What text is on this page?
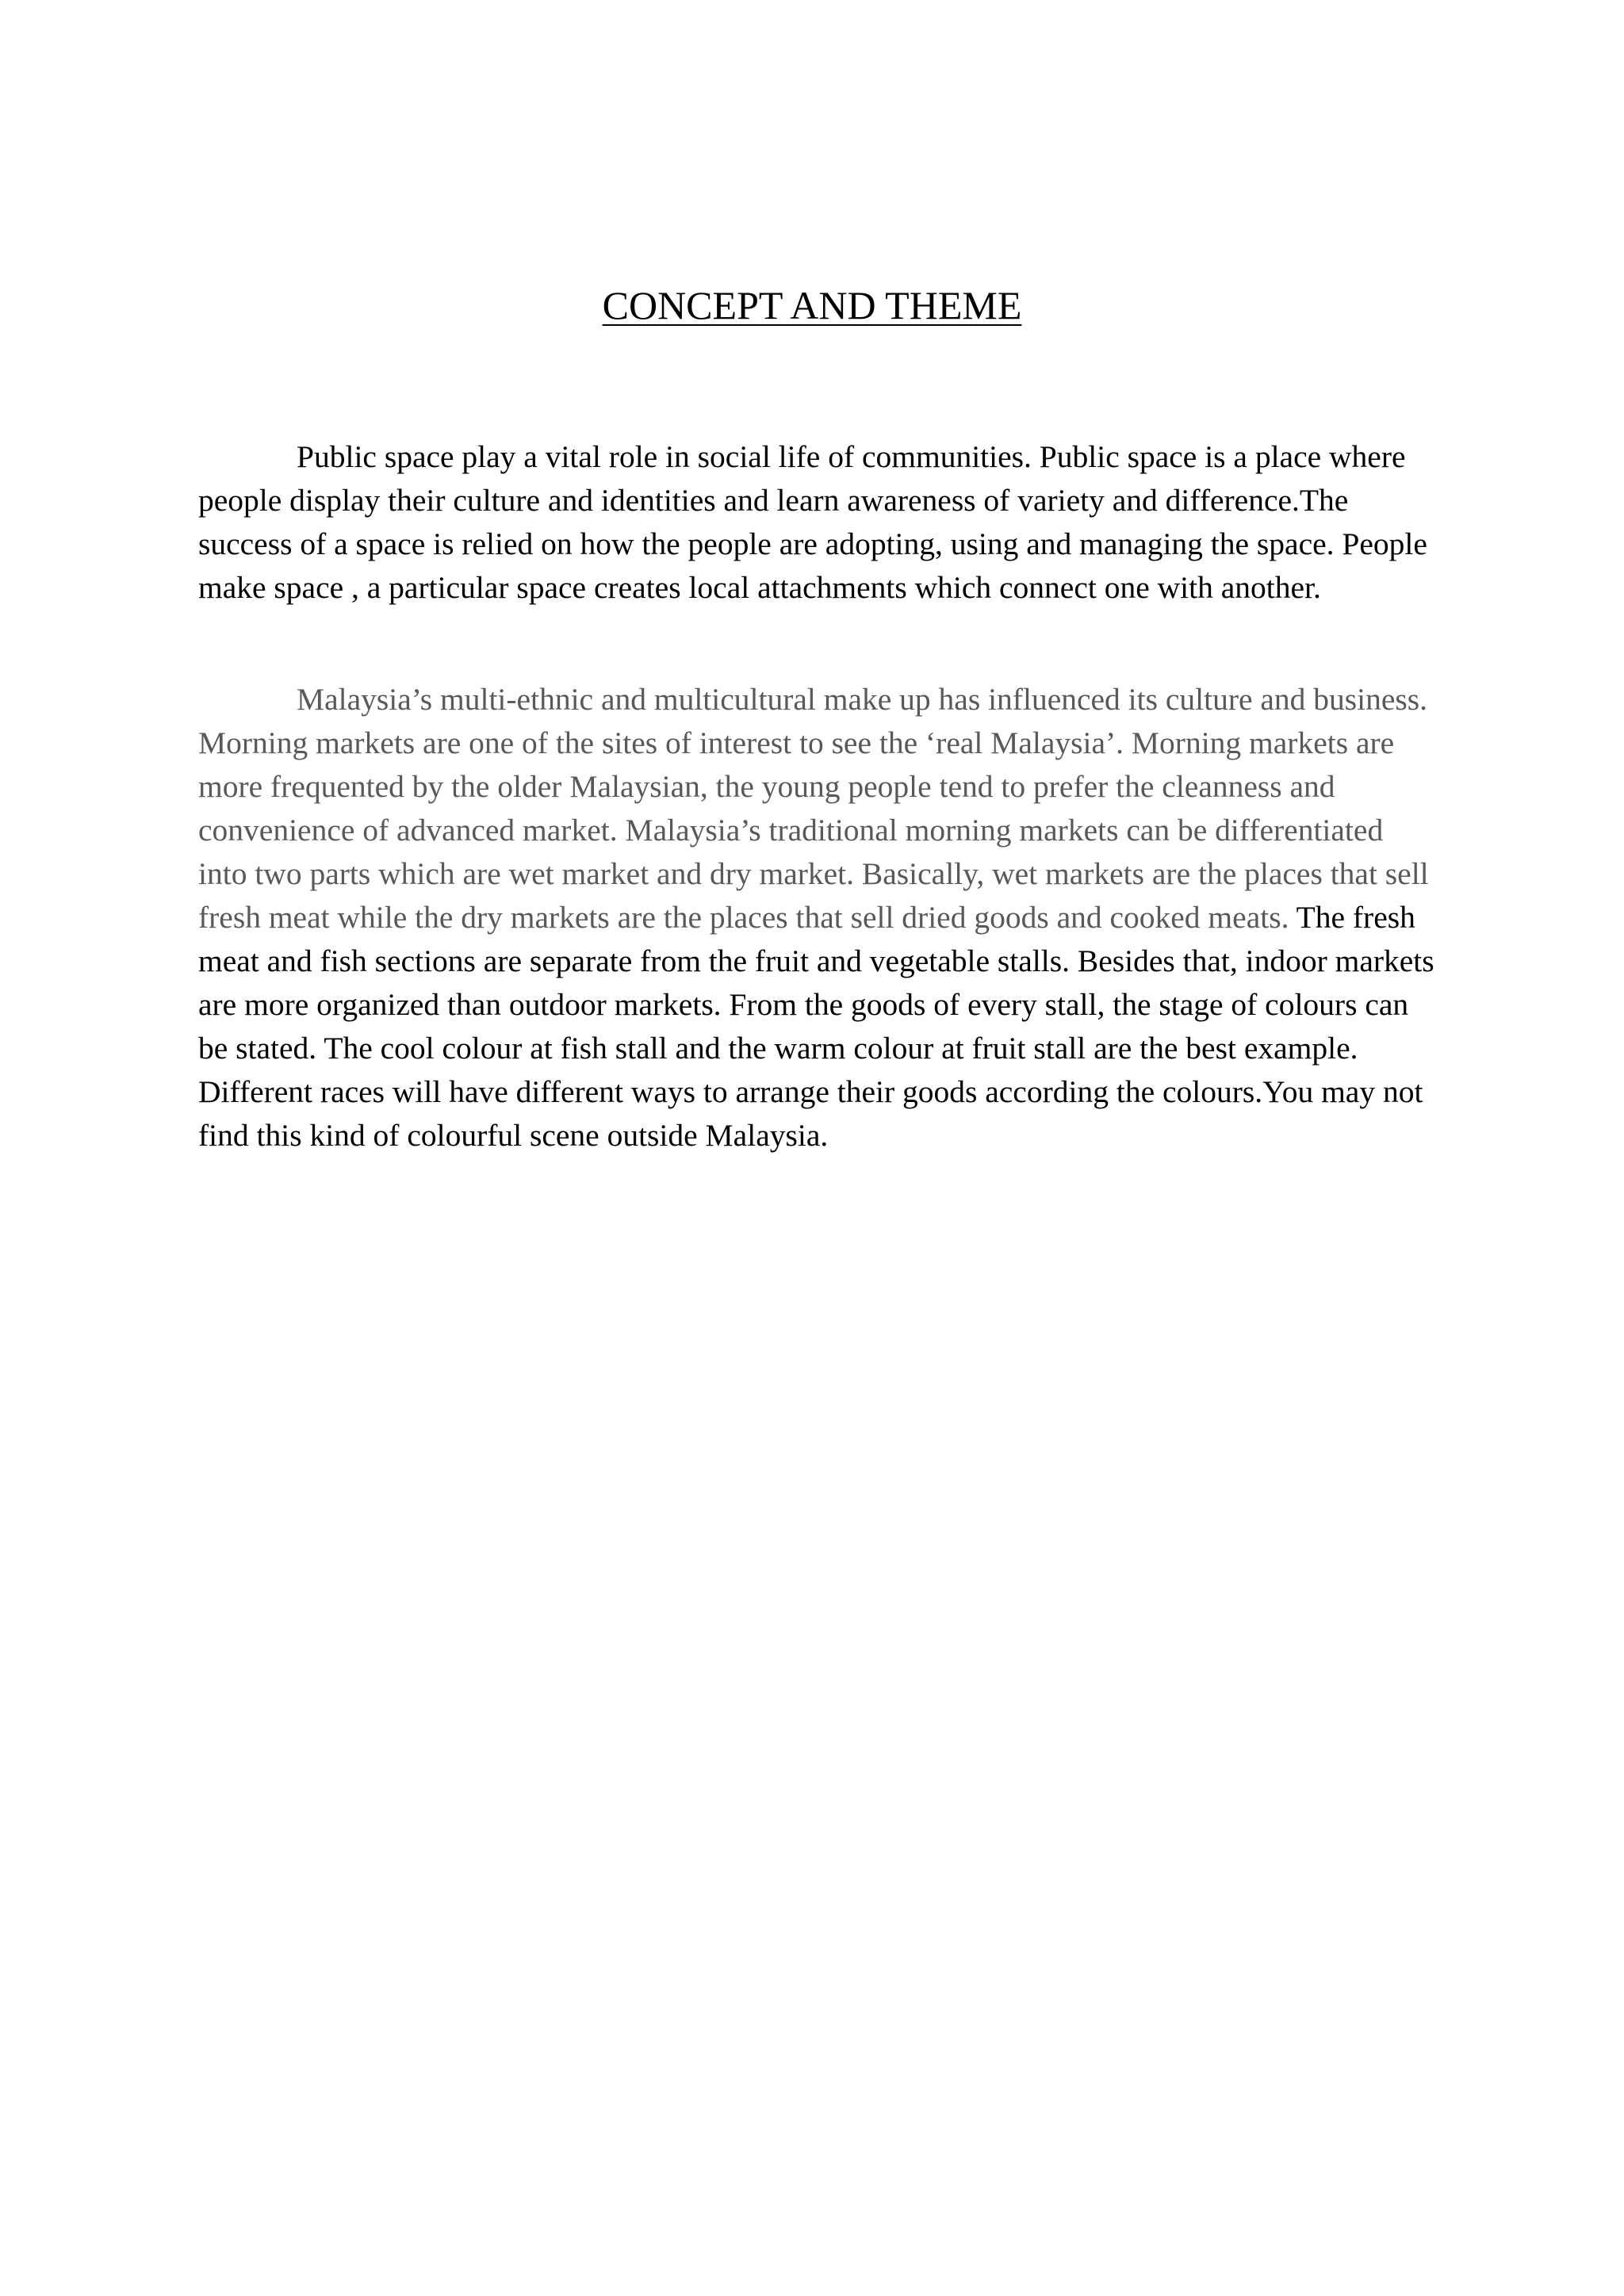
CONCEPT AND THEME

Public space play a vital role in social life of communities. Public space is a place where people display their culture and identities and learn awareness of variety and difference.The success of a space is relied on how the people are adopting, using and managing the space. People make space , a particular space creates local attachments which connect one with another.

Malaysia’s multi-ethnic and multicultural make up has influenced its culture and business. Morning markets are one of the sites of interest to see the ‘real Malaysia’. Morning markets are more frequented by the older Malaysian, the young people tend to prefer the cleanness and convenience of advanced market. Malaysia’s traditional morning markets can be differentiated into two parts which are wet market and dry market. Basically, wet markets are the places that sell fresh meat while the dry markets are the places that sell dried goods and cooked meats. The fresh meat and fish sections are separate from the fruit and vegetable stalls. Besides that, indoor markets are more organized than outdoor markets. From the goods of every stall, the stage of colours can be stated. The cool colour at fish stall and the warm colour at fruit stall are the best example. Different races will have different ways to arrange their goods according the colours.You may not find this kind of colourful scene outside Malaysia.
